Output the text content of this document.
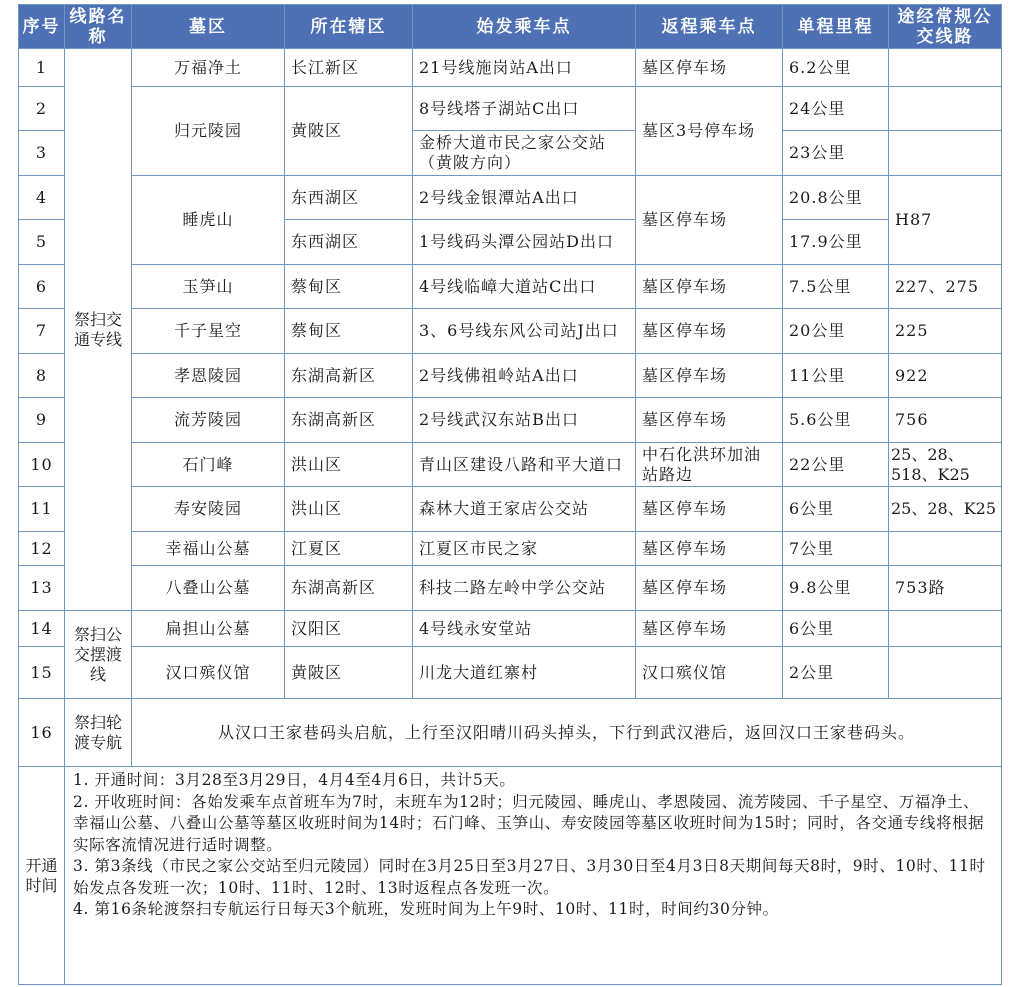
序号	线路名称	墓区	所在辖区	始发乘车点	返程乘车点	单程里程	途经常规公交线路
1	祭扫交通专线	万福净土	长江新区	21号线施岗站A出口	墓区停车场	6.2公里	
2		归元陵园	黄陂区	8号线塔子湖站C出口	墓区3号停车场	24公里	
3				金桥大道市民之家公交站（黄陂方向）		23公里	
4		睡虎山	东西湖区	2号线金银潭站A出口	墓区停车场	20.8公里	H87
5			东西湖区	1号线码头潭公园站D出口		17.9公里	
6		玉笋山	蔡甸区	4号线临嶂大道站C出口	墓区停车场	7.5公里	227、275
7		千子星空	蔡甸区	3、6号线东风公司站J出口	墓区停车场	20公里	225
8		孝恩陵园	东湖高新区	2号线佛祖岭站A出口	墓区停车场	11公里	922
9		流芳陵园	东湖高新区	2号线武汉东站B出口	墓区停车场	5.6公里	756
10		石门峰	洪山区	青山区建设八路和平大道口	中石化洪环加油站路边	22公里	25、28、518、K25
11		寿安陵园	洪山区	森林大道王家店公交站	墓区停车场	6公里	25、28、K25
12		幸福山公墓	江夏区	江夏区市民之家	墓区停车场	7公里	
13		八叠山公墓	东湖高新区	科技二路左岭中学公交站	墓区停车场	9.8公里	753路
14	祭扫公交摆渡线	扁担山公墓	汉阳区	4号线永安堂站	墓区停车场	6公里	
15		汉口殡仪馆	黄陂区	川龙大道红寨村	汉口殡仪馆	2公里	
16	祭扫轮渡专航	从汉口王家巷码头启航，上行至汉阳晴川码头掉头，下行到武汉港后，返回汉口王家巷码头。					
开通时间	1. 开通时间：3月28至3月29日，4月4至4月6日，共计5天。
2. 开收班时间：各始发乘车点首班车为7时，末班车为12时；归元陵园、睡虎山、孝恩陵园、流芳陵园、千子星空、万福净土、幸福山公墓、八叠山公墓等墓区收班时间为14时；石门峰、玉笋山、寿安陵园等墓区收班时间为15时；同时，各交通专线将根据实际客流情况进行适时调整。
3. 第3条线（市民之家公交站至归元陵园）同时在3月25日至3月27日、3月30日至4月3日8天期间每天8时，9时、10时、11时始发点各发班一次；10时、11时、12时、13时返程点各发班一次。
4. 第16条轮渡祭扫专航运行日每天3个航班，发班时间为上午9时、10时、11时，时间约30分钟。						
